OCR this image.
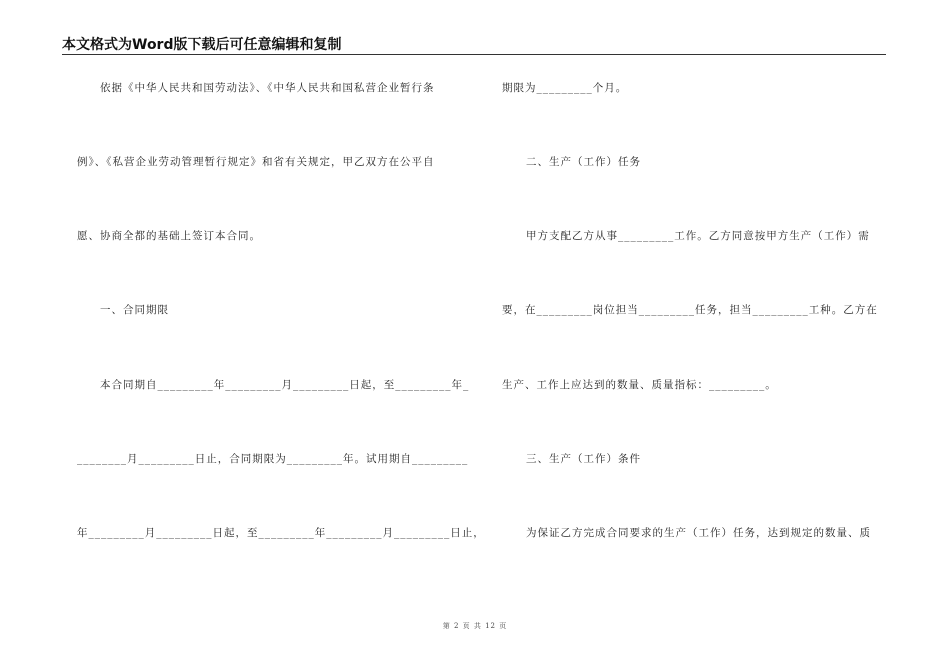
本文格式为Word版下载后可任意编辑和复制
依据《中华人民共和国劳动法》、《中华人民共和国私营企业暂行条
例》、《私营企业劳动管理暂行规定》和省有关规定，甲乙双方在公平自
愿、协商全都的基础上签订本合同。
一、合同期限
本合同期自_________年_________月_________日起，至_________年_
________月_________日止，合同期限为_________年。试用期自_________
年_________月_________日起，至_________年_________月_________日止，
期限为_________个月。
二、生产（工作）任务
甲方支配乙方从事_________工作。乙方同意按甲方生产（工作）需
要，在_________岗位担当_________任务，担当_________工种。乙方在
生产、工作上应达到的数量、质量指标：_________。
三、生产（工作）条件
为保证乙方完成合同要求的生产（工作）任务，达到规定的数量、质
第 2 页 共 12 页
